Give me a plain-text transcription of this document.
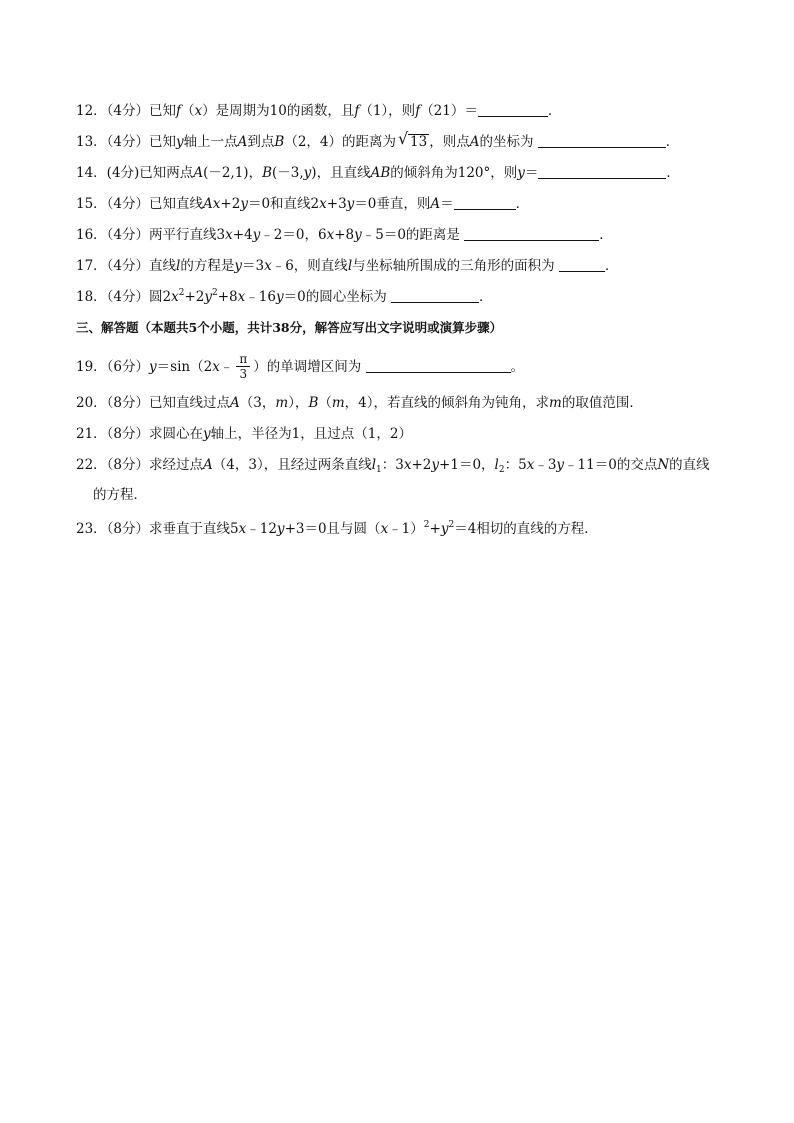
12．（4分）已知f（x）是周期为10的函数，且f（1），则f（21）＝	．
13．（4分）已知y轴上一点A到点B（2，4）的距离为 √ 13 ，则点A的坐标为	．
14．(4分)已知两点A(－2,1)，B(－3,y)，且直线AB的倾斜角为120°，则y＝	．
15．（4分）已知直线Ax+2y＝0和直线2x+3y＝0垂直，则A＝	．
16．（4分）两平行直线3x+4y﹣2＝0，6x+8y﹣5＝0的距离是	．
17．（4分）直线l的方程是y＝3x﹣6，则直线l与坐标轴所围成的三角形的面积为	．
18．（4分）圆$2x^2+2y^2+8x﹣16y=0$的圆心坐标为	．
三、解答题（本题共5个小题，共计38分，解答应写出文字说明或演算步骤）
19．（6分）y＝sin（2x﹣ $\frac{\pi}{3}$ ）的单调增区间为	。
20．（8分）已知直线过点A（3，m），B（m，4），若直线的倾斜角为钝角，求m的取值范围．
21．（8分）求圆心在y轴上，半径为1，且过点（1，2）
22．（8分）求经过点A（4，3），且经过两条直线$l_1$：3x+2y+1＝0，$l_2$：5x﹣3y﹣11＝0的交点N的直线
的方程．
23．（8分）求垂直于直线5x﹣12y+3＝0且与圆$(x﹣1)^2+y^2=4$相切的直线的方程．
